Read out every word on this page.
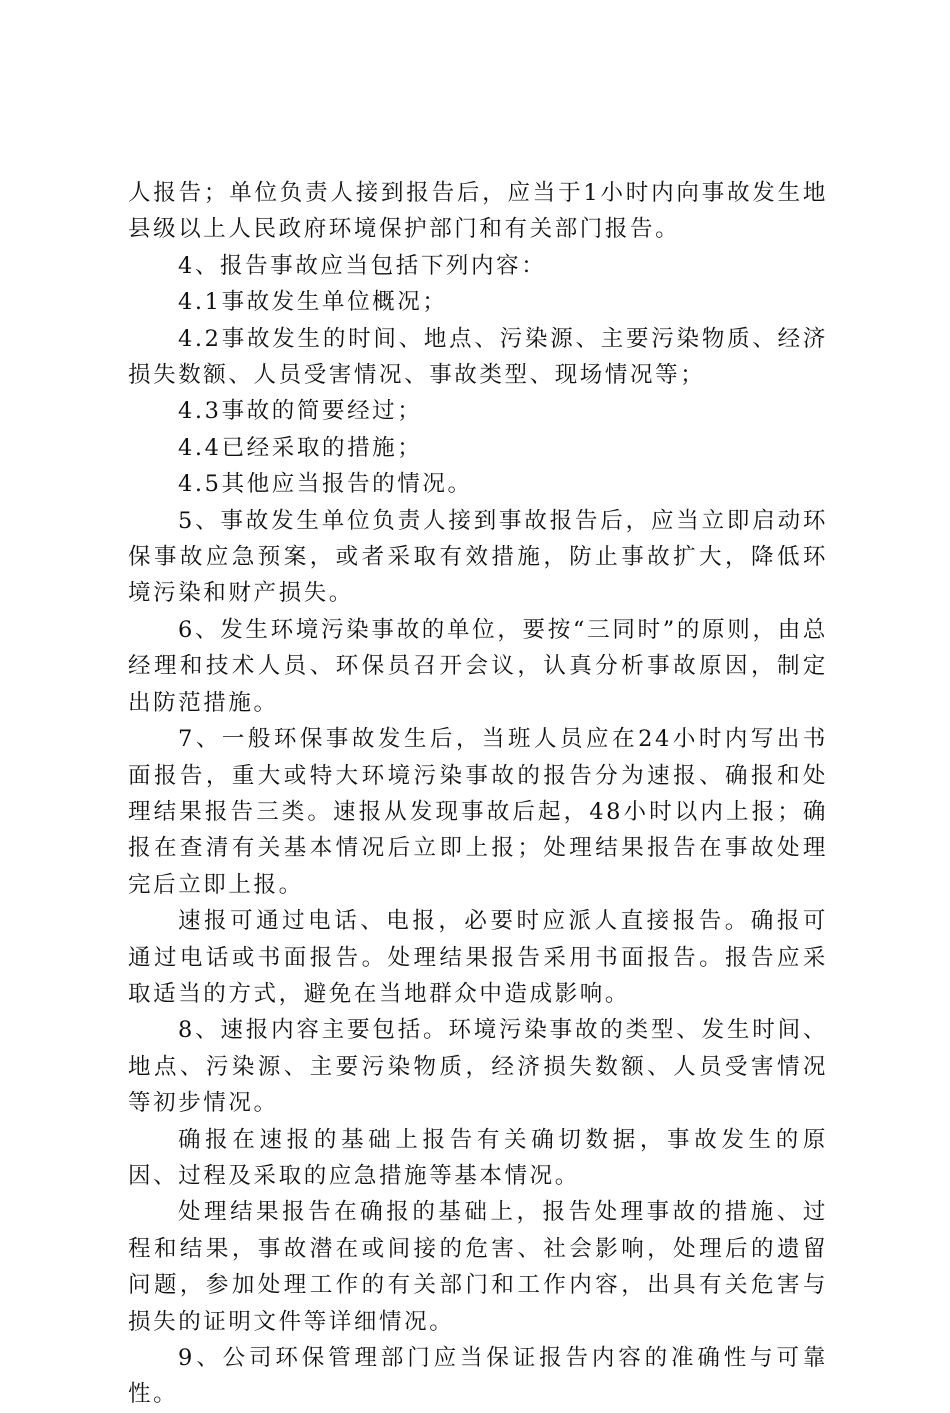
人报告；单位负责人接到报告后，应当于1小时内向事故发生地县级以上人民政府环境保护部门和有关部门报告。

4、报告事故应当包括下列内容：

4.1事故发生单位概况；

4.2事故发生的时间、地点、污染源、主要污染物质、经济损失数额、人员受害情况、事故类型、现场情况等；

4.3事故的简要经过；

4.4已经采取的措施；

4.5其他应当报告的情况。

5、事故发生单位负责人接到事故报告后，应当立即启动环保事故应急预案，或者采取有效措施，防止事故扩大，降低环境污染和财产损失。

6、发生环境污染事故的单位，要按“三同时”的原则，由总经理和技术人员、环保员召开会议，认真分析事故原因，制定出防范措施。

7、一般环保事故发生后，当班人员应在24小时内写出书面报告，重大或特大环境污染事故的报告分为速报、确报和处理结果报告三类。速报从发现事故后起，48小时以内上报；确报在查清有关基本情况后立即上报；处理结果报告在事故处理完后立即上报。

速报可通过电话、电报，必要时应派人直接报告。确报可通过电话或书面报告。处理结果报告采用书面报告。报告应采取适当的方式，避免在当地群众中造成影响。

8、速报内容主要包括。环境污染事故的类型、发生时间、地点、污染源、主要污染物质，经济损失数额、人员受害情况等初步情况。

确报在速报的基础上报告有关确切数据，事故发生的原因、过程及采取的应急措施等基本情况。

处理结果报告在确报的基础上，报告处理事故的措施、过程和结果，事故潜在或间接的危害、社会影响，处理后的遗留问题，参加处理工作的有关部门和工作内容，出具有关危害与损失的证明文件等详细情况。

9、公司环保管理部门应当保证报告内容的准确性与可靠性。
